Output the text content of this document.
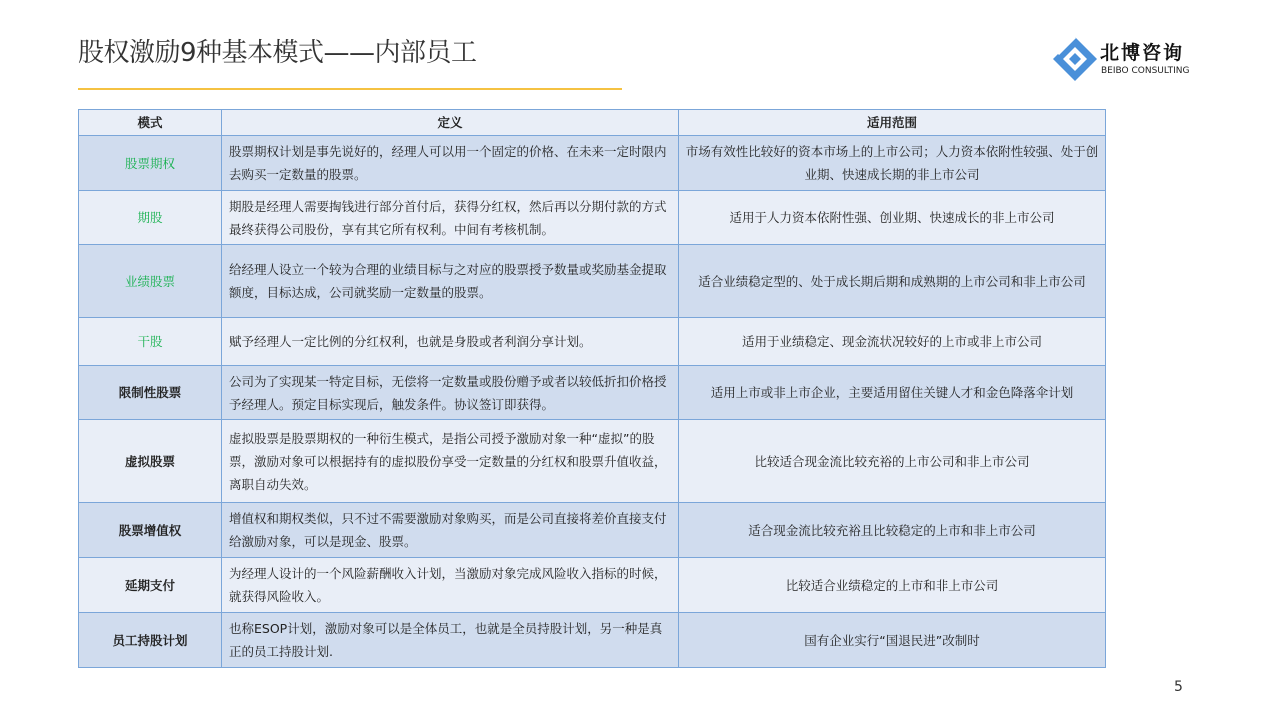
股权激励9种基本模式——内部员工	北博咨询
BEIBO CONSULTING
模式	定义	适用范围
股票期权	股票期权计划是事先说好的，经理人可以用一个固定的价格、在未来一定时限内去购买一定数量的股票。	市场有效性比较好的资本市场上的上市公司；人力资本依附性较强、处于创业期、快速成长期的非上市公司
期股	期股是经理人需要掏钱进行部分首付后，获得分红权，然后再以分期付款的方式最终获得公司股份，享有其它所有权利。中间有考核机制。	适用于人力资本依附性强、创业期、快速成长的非上市公司
业绩股票	给经理人设立一个较为合理的业绩目标与之对应的股票授予数量或奖励基金提取额度，目标达成，公司就奖励一定数量的股票。	适合业绩稳定型的、处于成长期后期和成熟期的上市公司和非上市公司
干股	赋予经理人一定比例的分红权利，也就是身股或者利润分享计划。	适用于业绩稳定、现金流状况较好的上市或非上市公司
限制性股票	公司为了实现某一特定目标，无偿将一定数量或股份赠予或者以较低折扣价格授予经理人。预定目标实现后，触发条件。协议签订即获得。	适用上市或非上市企业，主要适用留住关键人才和金色降落伞计划
虚拟股票	虚拟股票是股票期权的一种衍生模式，是指公司授予激励对象一种“虚拟”的股票，激励对象可以根据持有的虚拟股份享受一定数量的分红权和股票升值收益，离职自动失效。	比较适合现金流比较充裕的上市公司和非上市公司
股票增值权	增值权和期权类似，只不过不需要激励对象购买，而是公司直接将差价直接支付给激励对象，可以是现金、股票。	适合现金流比较充裕且比较稳定的上市和非上市公司
延期支付	为经理人设计的一个风险薪酬收入计划，当激励对象完成风险收入指标的时候，就获得风险收入。	比较适合业绩稳定的上市和非上市公司
员工持股计划	也称ESOP计划，激励对象可以是全体员工，也就是全员持股计划，另一种是真正的员工持股计划.	国有企业实行“国退民进”改制时
5
